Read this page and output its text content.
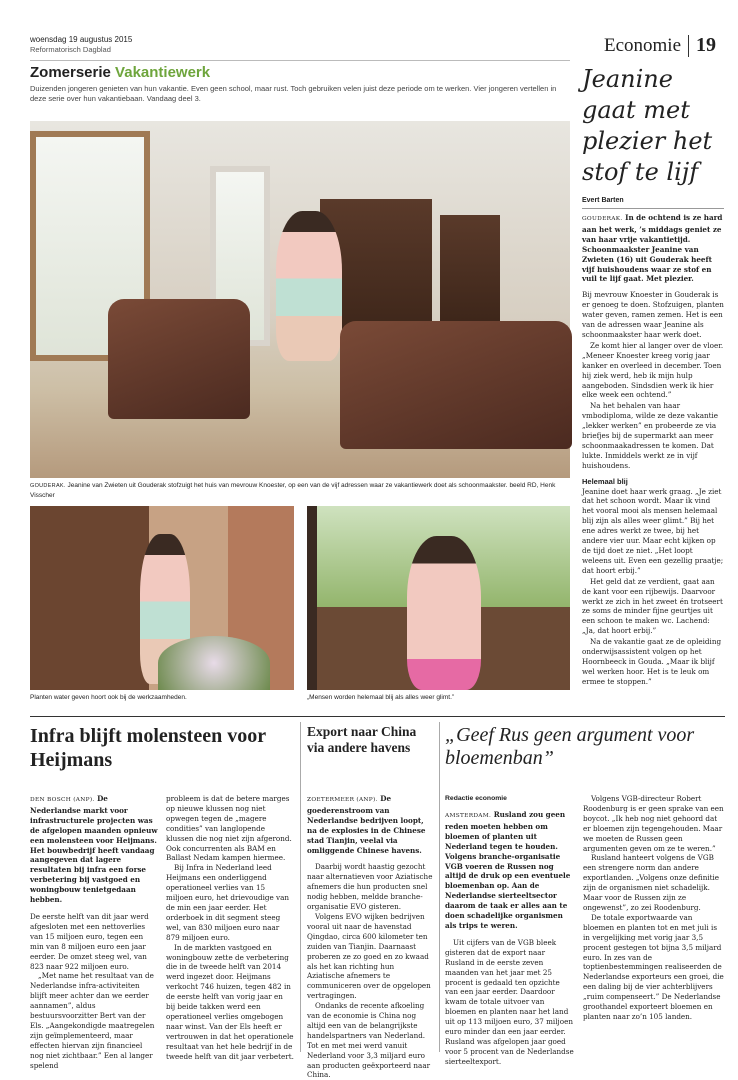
woensdag 19 augustus 2015
Reformatorisch Dagblad	Economie 19
Zomerserie Vakantiewerk
Duizenden jongeren genieten van hun vakantie. Even geen school, maar rust. Toch gebruiken velen juist deze periode om te werken. Vier jongeren vertellen in deze serie over hun vakantiebaan. Vandaag deel 3.
GOUDERAK. Jeanine van Zwieten uit Gouderak stofzuigt het huis van mevrouw Knoester, op een van de vijf adressen waar ze vakantiewerk doet als schoonmaakster. beeld RD, Henk Visscher
Planten water geven hoort ook bij de werkzaamheden.	„Mensen worden helemaal blij als alles weer glimt.”
Jeanine gaat met plezier het stof te lijf
Evert Barten

GOUDERAK. In de ochtend is ze hard aan het werk, ’s middags geniet ze van haar vrije vakantietijd. Schoonmaakster Jeanine van Zwieten (16) uit Gouderak heeft vijf huishoudens waar ze stof en vuil te lijf gaat. Met plezier.

Bij mevrouw Knoester in Gouderak is er genoeg te doen. Stofzuigen, planten water geven, ramen zemen. Het is een van de adressen waar Jeanine als schoonmaakster haar werk doet.

Ze komt hier al langer over de vloer. „Meneer Knoester kreeg vorig jaar kanker en overleed in december. Toen hij ziek werd, heb ik mijn hulp aangeboden. Sindsdien werk ik hier elke week een ochtend.”

Na het behalen van haar vmbodiploma, wilde ze deze vakantie „lekker werken” en probeerde ze via briefjes bij de supermarkt aan meer schoonmaakadressen te komen. Dat lukte. Inmiddels werkt ze in vijf huishoudens.

Helemaal blij

Jeanine doet haar werk graag. „Je ziet dat het schoon wordt. Maar ik vind het vooral mooi als mensen helemaal blij zijn als alles weer glimt.” Bij het ene adres werkt ze twee, bij het andere vier uur. Maar echt kijken op de tijd doet ze niet. „Het loopt weleens uit. Even een gezellig praatje; dat hoort erbij.”

Het geld dat ze verdient, gaat aan de kant voor een rijbewijs. Daarvoor werkt ze zich in het zweet én trotseert ze soms de minder fijne geurtjes uit een schoon te maken wc. Lachend: „Ja, dat hoort erbij.”

Na de vakantie gaat ze de opleiding onderwijsassistent volgen op het Hoornbeeck in Gouda. „Maar ik blijf wel werken hoor. Het is te leuk om ermee te stoppen.”

Infra blijft molensteen voor Heijmans

DEN BOSCH (ANP). De Nederlandse markt voor infrastructurele projecten was de afgelopen maanden opnieuw een molensteen voor Heijmans. Het bouwbedrijf heeft vandaag aangegeven dat lagere resultaten bij infra een forse verbetering bij vastgoed en woningbouw tenietgedaan hebben.

De eerste helft van dit jaar werd afgesloten met een nettoverlies van 15 miljoen euro, tegen een min van 8 miljoen euro een jaar eerder. De omzet steeg wel, van 823 naar 922 miljoen euro.

„Met name het resultaat van de Nederlandse infra-activiteiten blijft meer achter dan we eerder aannamen”, aldus bestuursvoorzitter Bert van der Els. „Aangekondigde maatregelen zijn geïmplementeerd, maar effecten hiervan zijn financieel nog niet zichtbaar.” Een al langer spelend

probleem is dat de betere marges op nieuwe klussen nog niet opwegen tegen de „magere condities” van langlopende klussen die nog niet zijn afgerond. Ook concurrenten als BAM en Ballast Nedam kampen hiermee.

Bij Infra in Nederland leed Heijmans een onderliggend operationeel verlies van 15 miljoen euro, het drievoudige van de min een jaar eerder. Het orderboek in dit segment steeg wel, van 830 miljoen euro naar 879 miljoen euro.

In de markten vastgoed en woningbouw zette de verbetering die in de tweede helft van 2014 werd ingezet door. Heijmans verkocht 746 huizen, tegen 482 in de eerste helft van vorig jaar en bij beide takken werd een operationeel verlies omgebogen naar winst. Van der Els heeft er vertrouwen in dat het operationele resultaat van het hele bedrijf in de tweede helft van dit jaar verbetert.

Export naar China via andere havens

ZOETERMEER (ANP). De goederenstroom van Nederlandse bedrijven loopt, na de explosies in de Chinese stad Tianjin, veelal via omliggende Chinese havens.

Daarbij wordt haastig gezocht naar alternatieven voor Aziatische afnemers die hun producten snel nodig hebben, meldde branche-organisatie EVO gisteren.

Volgens EVO wijken bedrijven vooral uit naar de havenstad Qingdao, circa 600 kilometer ten zuiden van Tianjin. Daarnaast proberen ze zo goed en zo kwaad als het kan richting hun Aziatische afnemers te communiceren over de opgelopen vertragingen.

Ondanks de recente afkoeling van de economie is China nog altijd een van de belangrijkste handelspartners van Nederland. Tot en met mei werd vanuit Nederland voor 3,3 miljard euro aan producten geëxporteerd naar China.

„Geef Rus geen argument voor bloemenban”
Redactie economie

AMSTERDAM. Rusland zou geen reden moeten hebben om bloemen of planten uit Nederland tegen te houden. Volgens branche-organisatie VGB voeren de Russen nog altijd de druk op een eventuele bloemenban op. Aan de Nederlandse sierteeltsector daarom de taak er alles aan te doen schadelijke organismen als trips te weren.

Uit cijfers van de VGB bleek gisteren dat de export naar Rusland in de eerste zeven maanden van het jaar met 25 procent is gedaald ten opzichte van een jaar eerder. Daardoor kwam de totale uitvoer van bloemen en planten naar het land uit op 113 miljoen euro, 37 miljoen euro minder dan een jaar eerder. Rusland was afgelopen jaar goed voor 5 procent van de Nederlandse sierteeltexport.

Volgens VGB-directeur Robert Roodenburg is er geen sprake van een boycot. „Ik heb nog niet gehoord dat er bloemen zijn tegengehouden. Maar we moeten de Russen geen argumenten geven om ze te weren.”

Rusland hanteert volgens de VGB een strengere norm dan andere exportlanden. „Volgens onze definitie zijn de organismen niet schadelijk. Maar voor de Russen zijn ze ongewenst”, zo zei Roodenburg.

De totale exportwaarde van bloemen en planten tot en met juli is in vergelijking met vorig jaar 3,5 procent gestegen tot bijna 3,5 miljard euro. In zes van de toptienbestemmingen realiseerden de Nederlandse exporteurs een groei, die een daling bij de vier achterblijvers „ruim compenseert.” De Nederlandse groothandel exporteert bloemen en planten naar zo’n 105 landen.
